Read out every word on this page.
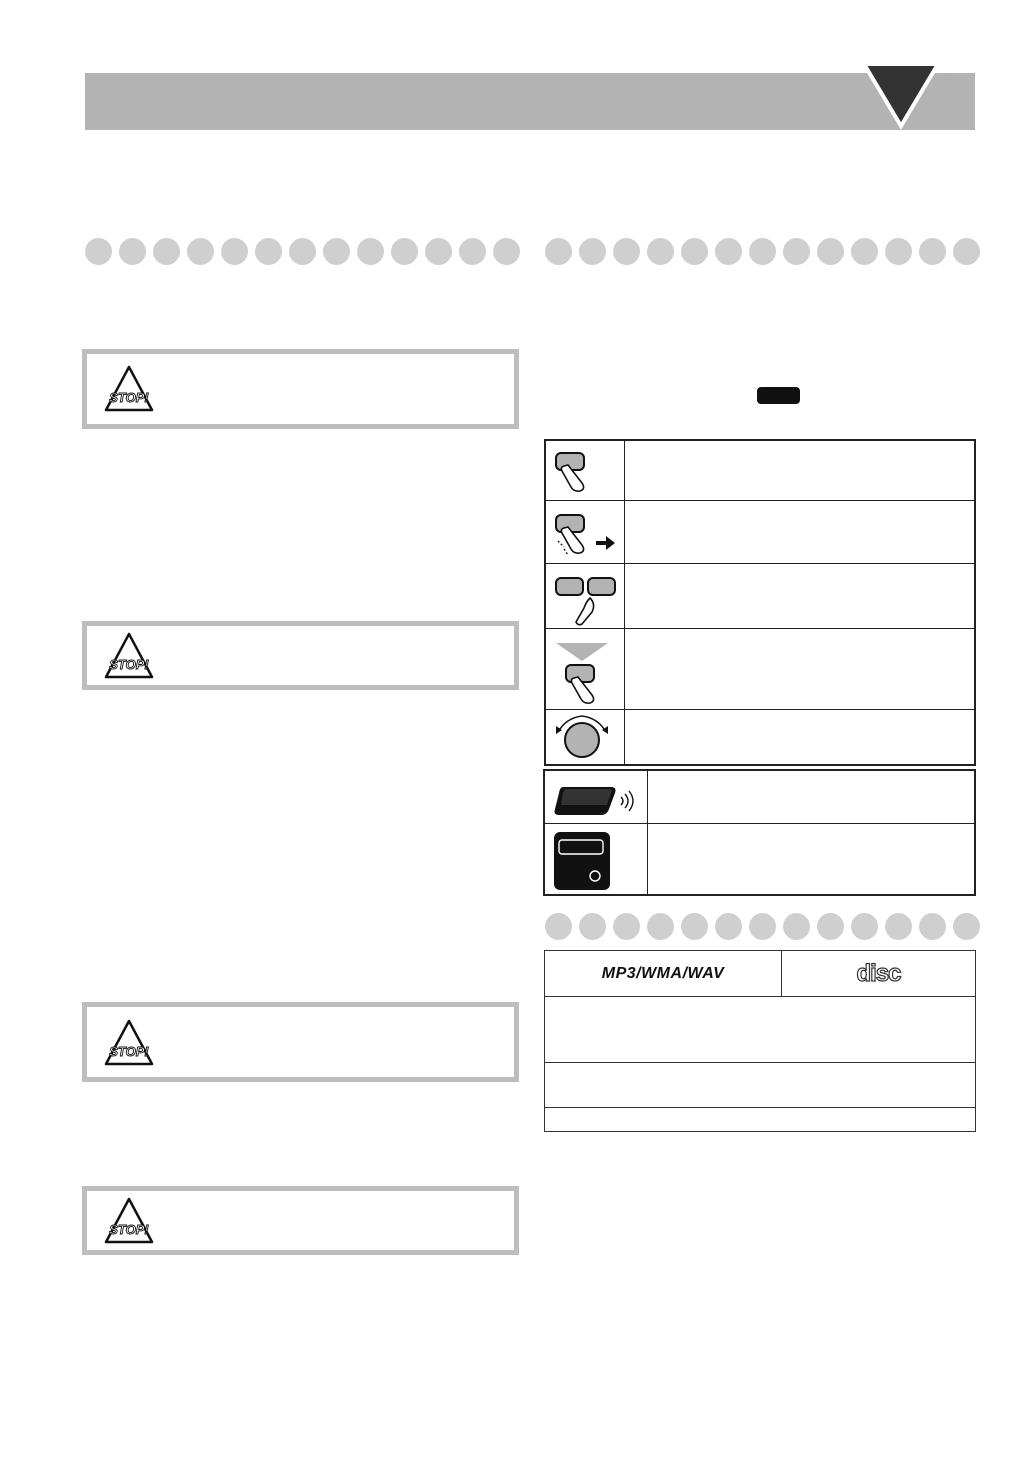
STOP!
STOP!
STOP!
STOP!
MP3/WMA/WAV	disc
